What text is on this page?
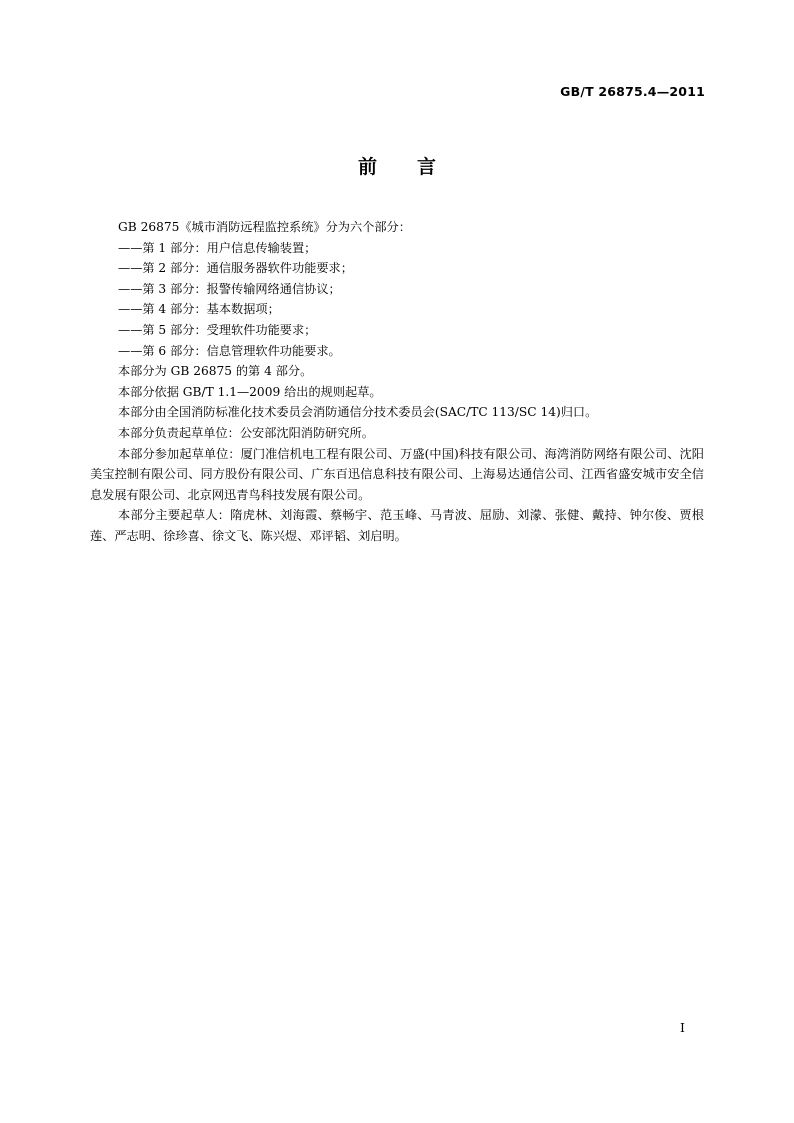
GB/T 26875.4—2011
前 言

GB 26875《城市消防远程监控系统》分为六个部分：

——第 1 部分：用户信息传输装置；

——第 2 部分：通信服务器软件功能要求；

——第 3 部分：报警传输网络通信协议；

——第 4 部分：基本数据项；

——第 5 部分：受理软件功能要求；

——第 6 部分：信息管理软件功能要求。

本部分为 GB 26875 的第 4 部分。

本部分依据 GB/T 1.1—2009 给出的规则起草。

本部分由全国消防标准化技术委员会消防通信分技术委员会(SAC/TC 113/SC 14)归口。

本部分负责起草单位：公安部沈阳消防研究所。

本部分参加起草单位：厦门准信机电工程有限公司、万盛(中国)科技有限公司、海湾消防网络有限公司、沈阳美宝控制有限公司、同方股份有限公司、广东百迅信息科技有限公司、上海易达通信公司、江西省盛安城市安全信息发展有限公司、北京网迅青鸟科技发展有限公司。

本部分主要起草人：隋虎林、刘海霞、蔡畅宇、范玉峰、马青波、屈励、刘濛、张健、戴持、钟尔俊、贾根莲、严志明、徐珍喜、徐文飞、陈兴煜、邓评韬、刘启明。

I
